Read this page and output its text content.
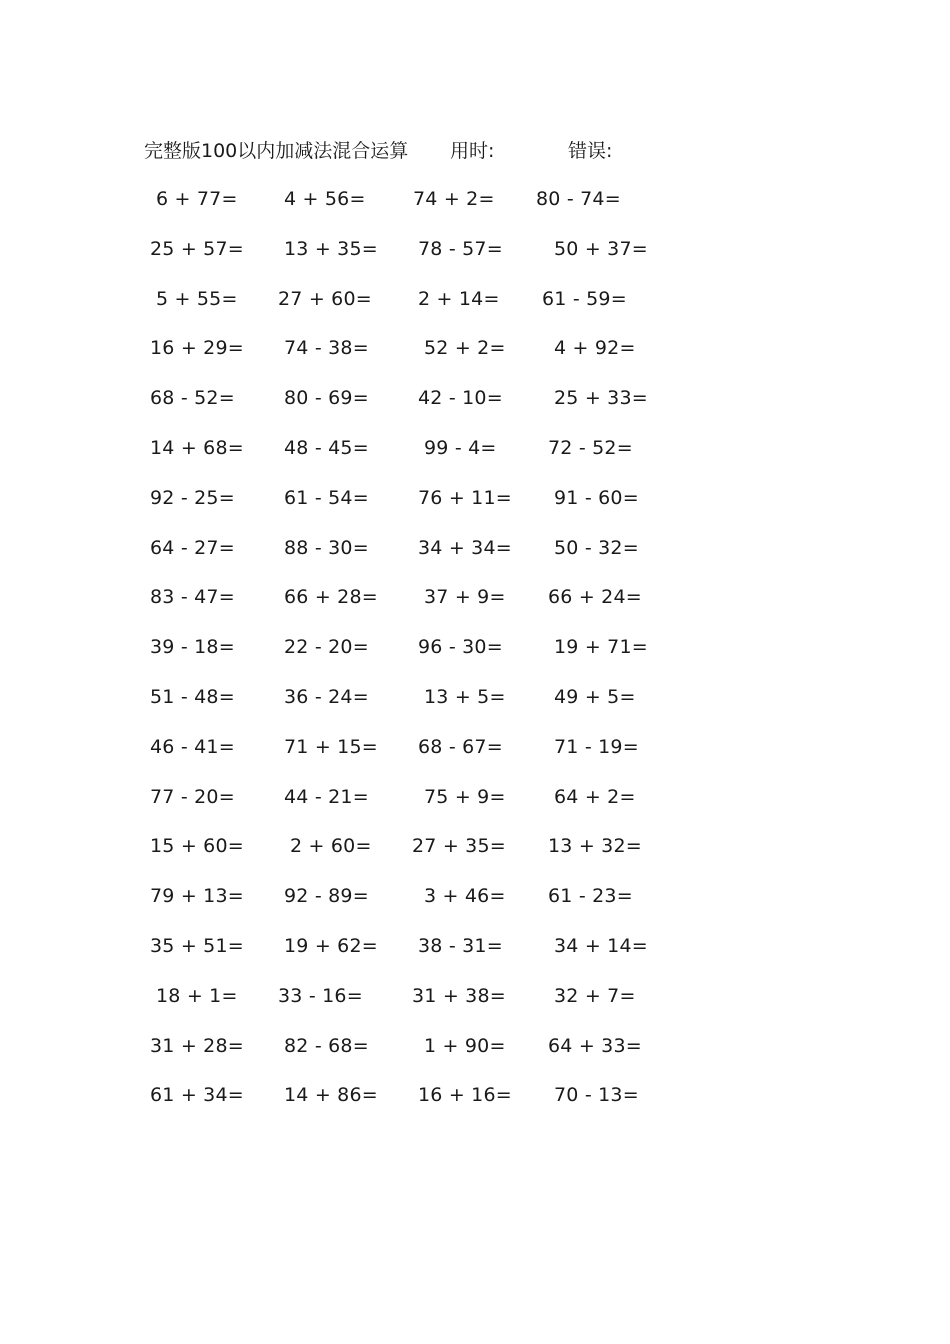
完整版100以内加减法混合运算 用时:	错误:
6 + 77= 4 + 56= 74 + 2= 80 - 74=
25 + 57= 13 + 35= 78 - 57=	50 + 37=
5 + 55= 27 + 60= 2 + 14= 61 - 59=
16 + 29= 74 - 38=	52 + 2=	4 + 92=
68 - 52=	80 - 69=	42 - 10=	25 + 33=
14 + 68= 48 - 45=	99 - 4=	72 - 52=
92 - 25=	61 - 54=	76 + 11= 91 - 60=
64 - 27=	88 - 30=	34 + 34= 50 - 32=
83 - 47=	66 + 28= 37 + 9= 66 + 24=
39 - 18=	22 - 20=	96 - 30=	19 + 71=
51 - 48=	36 - 24=	13 + 5=	49 + 5=
46 - 41=	71 + 15= 68 - 67=	71 - 19=
77 - 20=	44 - 21=	75 + 9=	64 + 2=
15 + 60= 2 + 60= 27 + 35= 13 + 32=
79 + 13= 92 - 89=	3 + 46= 61 - 23=
35 + 51= 19 + 62= 38 - 31=	34 + 14=
18 + 1= 33 - 16=	31 + 38=	32 + 7=
31 + 28= 82 - 68=	1 + 90= 64 + 33=
61 + 34= 14 + 86= 16 + 16= 70 - 13=
